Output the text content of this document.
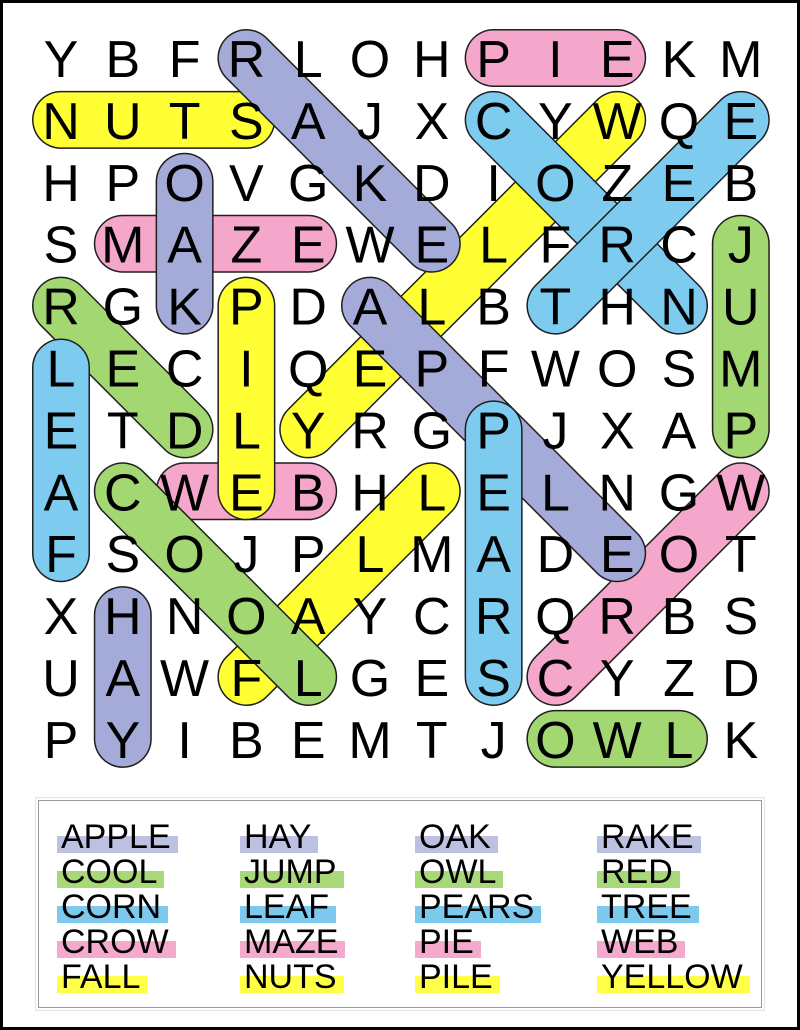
Y B F R L O H P I E K M
N U T S A J X C Y W Q E
H P O V G K D I O Z E B
S M A Z E W E L F R C J
R G K P D A L B T H N U
L E C I Q E P F W O S M
E T D L Y R G P J X A P
A C W E B H L E L N G W
F S O J P L M A D E O T
X H N O A Y C R Q R B S
U A W F L G E S C Y Z D
P Y I B E M T J O W L K
APPLE
COOL
CORN
CROW
FALL
HAY
JUMP
LEAF
MAZE
NUTS
OAK
OWL
PEARS
PIE
PILE
RAKE
RED
TREE
WEB
YELLOW
